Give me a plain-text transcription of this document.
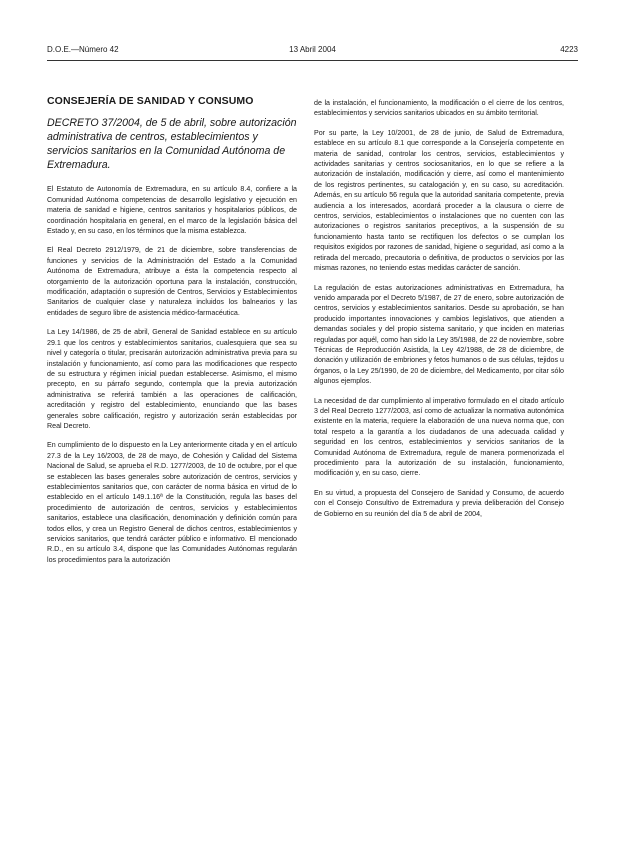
D.O.E.—Número 42	13 Abril 2004	4223
CONSEJERÍA DE SANIDAD Y CONSUMO
DECRETO 37/2004, de 5 de abril, sobre autorización administrativa de centros, establecimientos y servicios sanitarios en la Comunidad Autónoma de Extremadura.

El Estatuto de Autonomía de Extremadura, en su artículo 8.4, confiere a la Comunidad Autónoma competencias de desarrollo legislativo y ejecución en materia de sanidad e higiene, centros sanitarios y hospitalarios públicos, de coordinación hospitalaria en general, en el marco de la legislación básica del Estado y, en su caso, en los términos que la misma establezca.

El Real Decreto 2912/1979, de 21 de diciembre, sobre transferencias de funciones y servicios de la Administración del Estado a la Comunidad Autónoma de Extremadura, atribuye a ésta la competencia respecto al otorgamiento de la autorización oportuna para la instalación, construcción, modificación, adaptación o supresión de Centros, Servicios y Establecimientos Sanitarios de cualquier clase y naturaleza incluidos los balnearios y las entidades de seguro libre de asistencia médico-farmacéutica.

La Ley 14/1986, de 25 de abril, General de Sanidad establece en su artículo 29.1 que los centros y establecimientos sanitarios, cualesquiera que sea su nivel y categoría o titular, precisarán autorización administrativa previa para su instalación y funcionamiento, así como para las modificaciones que respecto de su estructura y régimen inicial puedan establecerse. Asimismo, el mismo precepto, en su párrafo segundo, contempla que la previa autorización administrativa se referirá también a las operaciones de calificación, acreditación y registro del establecimiento, enunciando que las bases generales sobre calificación, registro y autorización serán establecidas por Real Decreto.

En cumplimiento de lo dispuesto en la Ley anteriormente citada y en el artículo 27.3 de la Ley 16/2003, de 28 de mayo, de Cohesión y Calidad del Sistema Nacional de Salud, se aprueba el R.D. 1277/2003, de 10 de octubre, por el que se establecen las bases generales sobre autorización de centros, servicios y establecimientos sanitarios que, con carácter de norma básica en virtud de lo establecido en el artículo 149.1.16ª de la Constitución, regula las bases del procedimiento de autorización de centros, servicios y establecimientos sanitarios, establece una clasificación, denominación y definición común para todos ellos, y crea un Registro General de dichos centros, establecimientos y servicios sanitarios, que tendrá carácter público e informativo. El mencionado R.D., en su artículo 3.4, dispone que las Comunidades Autónomas regularán los procedimientos para la autorización

de la instalación, el funcionamiento, la modificación o el cierre de los centros, establecimientos y servicios sanitarios ubicados en su ámbito territorial.

Por su parte, la Ley 10/2001, de 28 de junio, de Salud de Extremadura, establece en su artículo 8.1 que corresponde a la Consejería competente en materia de sanidad, controlar los centros, servicios, establecimientos y actividades sanitarias y centros sociosanitarios, en lo que se refiere a la autorización de instalación, modificación y cierre, así como el mantenimiento de los registros pertinentes, su catalogación y, en su caso, su acreditación. Además, en su artículo 56 regula que la autoridad sanitaria competente, previa audiencia a los interesados, acordará proceder a la clausura o cierre de centros, servicios, establecimientos o instalaciones que no cuenten con las autorizaciones o registros sanitarios preceptivos, a la suspensión de su funcionamiento hasta tanto se rectifiquen los defectos o se cumplan los requisitos exigidos por razones de sanidad, higiene o seguridad, así como a la retirada del mercado, precautoria o definitiva, de productos o servicios por las mismas razones, no teniendo estas medidas carácter de sanción.

La regulación de estas autorizaciones administrativas en Extremadura, ha venido amparada por el Decreto 5/1987, de 27 de enero, sobre autorización de centros, servicios y establecimientos sanitarios. Desde su aprobación, se han producido importantes innovaciones y cambios legislativos, que atienden a demandas sociales y del propio sistema sanitario, y que inciden en materias reguladas por aquél, como han sido la Ley 35/1988, de 22 de noviembre, sobre Técnicas de Reproducción Asistida, la Ley 42/1988, de 28 de diciembre, de donación y utilización de embriones y fetos humanos o de sus células, tejidos u órganos, o la Ley 25/1990, de 20 de diciembre, del Medicamento, por citar sólo algunos ejemplos.

La necesidad de dar cumplimiento al imperativo formulado en el citado artículo 3 del Real Decreto 1277/2003, así como de actualizar la normativa autonómica existente en la materia, requiere la elaboración de una nueva norma que, con total respeto a la garantía a los ciudadanos de una adecuada calidad y seguridad en los centros, establecimientos y servicios sanitarios de la Comunidad Autónoma de Extremadura, regule de manera pormenorizada el procedimiento para la autorización de su instalación, funcionamiento, modificación y, en su caso, cierre.

En su virtud, a propuesta del Consejero de Sanidad y Consumo, de acuerdo con el Consejo Consultivo de Extremadura y previa deliberación del Consejo de Gobierno en su reunión del día 5 de abril de 2004,
